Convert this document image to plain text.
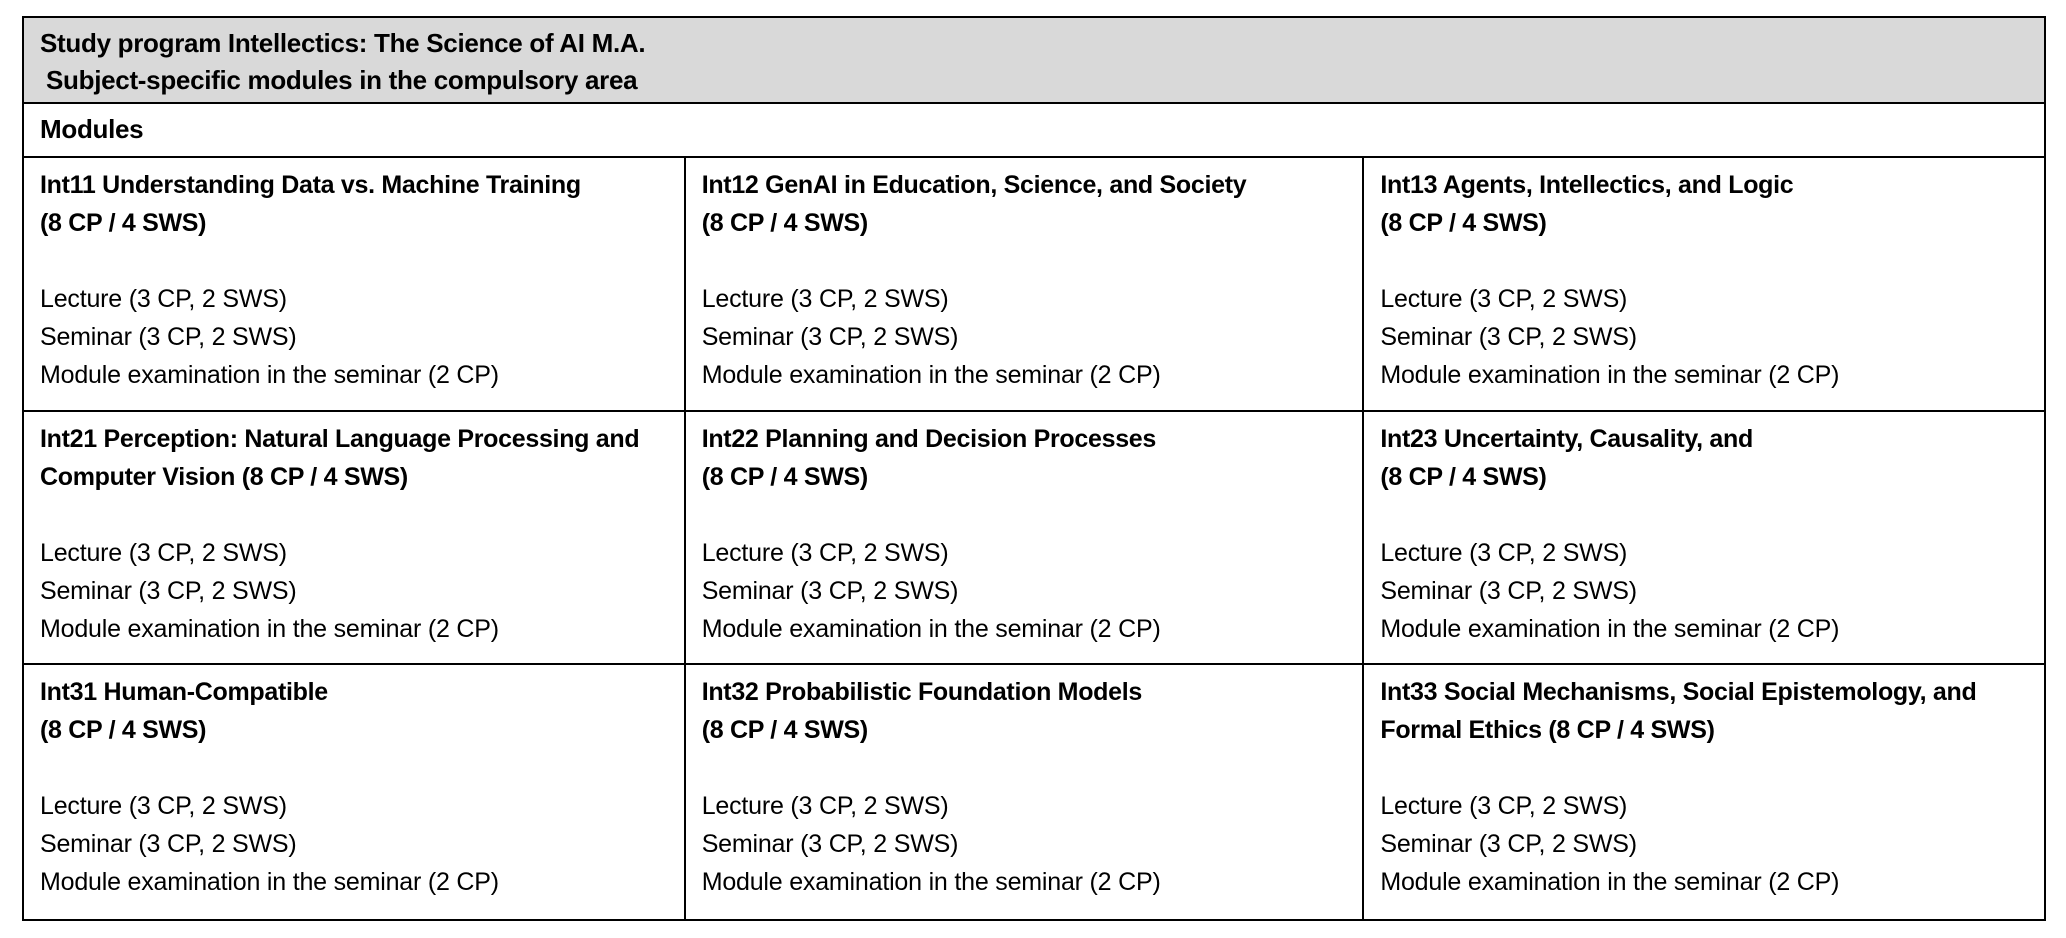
Study program Intellectics: The Science of AI M.A.
Subject-specific modules in the compulsory area
Modules
Int11 Understanding Data vs. Machine Training
(8 CP / 4 SWS)
Lecture (3 CP, 2 SWS)
Seminar (3 CP, 2 SWS)
Module examination in the seminar (2 CP)
Int12 GenAI in Education, Science, and Society
(8 CP / 4 SWS)
Lecture (3 CP, 2 SWS)
Seminar (3 CP, 2 SWS)
Module examination in the seminar (2 CP)
Int13 Agents, Intellectics, and Logic
(8 CP / 4 SWS)
Lecture (3 CP, 2 SWS)
Seminar (3 CP, 2 SWS)
Module examination in the seminar (2 CP)
Int21 Perception: Natural Language Processing and
Computer Vision (8 CP / 4 SWS)
Lecture (3 CP, 2 SWS)
Seminar (3 CP, 2 SWS)
Module examination in the seminar (2 CP)
Int22 Planning and Decision Processes
(8 CP / 4 SWS)
Lecture (3 CP, 2 SWS)
Seminar (3 CP, 2 SWS)
Module examination in the seminar (2 CP)
Int23 Uncertainty, Causality, and
(8 CP / 4 SWS)
Lecture (3 CP, 2 SWS)
Seminar (3 CP, 2 SWS)
Module examination in the seminar (2 CP)
Int31 Human-Compatible
(8 CP / 4 SWS)
Lecture (3 CP, 2 SWS)
Seminar (3 CP, 2 SWS)
Module examination in the seminar (2 CP)
Int32 Probabilistic Foundation Models
(8 CP / 4 SWS)
Lecture (3 CP, 2 SWS)
Seminar (3 CP, 2 SWS)
Module examination in the seminar (2 CP)
Int33 Social Mechanisms, Social Epistemology, and
Formal Ethics (8 CP / 4 SWS)
Lecture (3 CP, 2 SWS)
Seminar (3 CP, 2 SWS)
Module examination in the seminar (2 CP)
